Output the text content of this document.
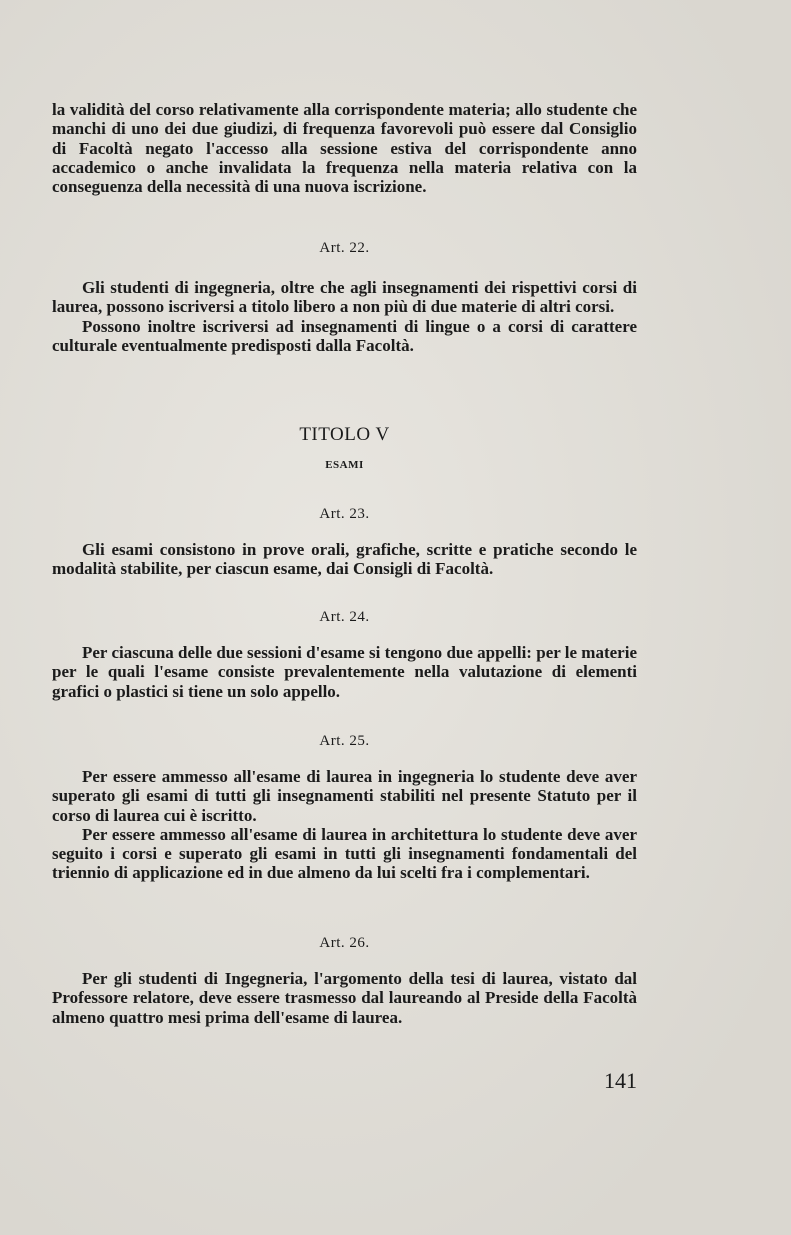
la validità del corso relativamente alla corrispondente materia; allo studente che manchi di uno dei due giudizi, di frequenza favorevoli può essere dal Consiglio di Facoltà negato l'accesso alla sessione estiva del corrispondente anno accademico o anche invalidata la frequenza nella materia relativa con la conseguenza della necessità di una nuova iscrizione.

Art. 22.

Gli studenti di ingegneria, oltre che agli insegnamenti dei rispettivi corsi di laurea, possono iscriversi a titolo libero a non più di due materie di altri corsi.

Possono inoltre iscriversi ad insegnamenti di lingue o a corsi di carattere culturale eventualmente predisposti dalla Facoltà.

TITOLO V
ESAMI
Art. 23.

Gli esami consistono in prove orali, grafiche, scritte e pratiche secondo le modalità stabilite, per ciascun esame, dai Consigli di Facoltà.

Art. 24.

Per ciascuna delle due sessioni d'esame si tengono due appelli: per le materie per le quali l'esame consiste prevalentemente nella valutazione di elementi grafici o plastici si tiene un solo appello.

Art. 25.

Per essere ammesso all'esame di laurea in ingegneria lo studente deve aver superato gli esami di tutti gli insegnamenti stabiliti nel presente Statuto per il corso di laurea cui è iscritto.

Per essere ammesso all'esame di laurea in architettura lo studente deve aver seguito i corsi e superato gli esami in tutti gli insegnamenti fondamentali del triennio di applicazione ed in due almeno da lui scelti fra i complementari.

Art. 26.

Per gli studenti di Ingegneria, l'argomento della tesi di laurea, vistato dal Professore relatore, deve essere trasmesso dal laureando al Preside della Facoltà almeno quattro mesi prima dell'esame di laurea.

141
